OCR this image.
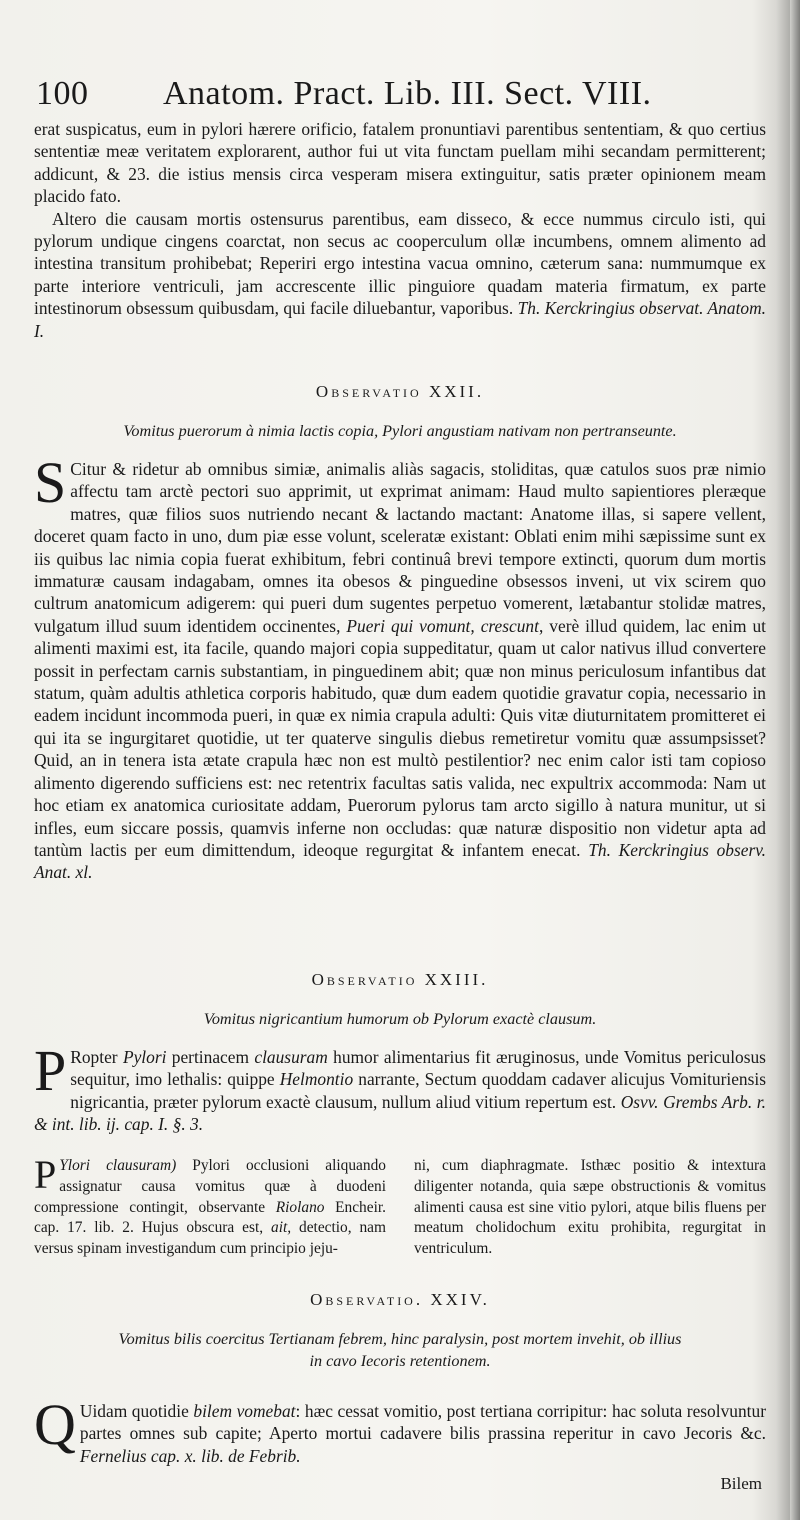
100 Anatom. Pract. Lib. III. Sect. VIII.

erat suspicatus, eum in pylori hærere orificio, fatalem pronuntiavi parentibus sententiam, & quo certius sententiæ meæ veritatem explorarent, author fui ut vita functam puellam mihi secandam permitterent; addicunt, & 23. die istius mensis circa vesperam misera extinguitur, satis præter opinionem meam placido fato.

Altero die causam mortis ostensurus parentibus, eam disseco, & ecce nummus circulo isti, qui pylorum undique cingens coarctat, non secus ac cooperculum ollæ incumbens, omnem alimento ad intestina transitum prohibebat; Reperiri ergo intestina vacua omnino, cæterum sana: nummumque ex parte interiore ventriculi, jam accrescente illic pinguiore quadam materia firmatum, ex parte intestinorum obsessum quibusdam, qui facile diluebantur, vaporibus. Th. Kerckringius observat. Anatom. I.

Observatio XXII.
Vomitus puerorum à nimia lactis copia, Pylori angustiam nativam non pertranseunte.

S Citur & ridetur ab omnibus simiæ, animalis aliàs sagacis, stoliditas, quæ catulos suos præ nimio affectu tam arctè pectori suo apprimit, ut exprimat animam: Haud multo sapientiores pleræque matres, quæ filios suos nutriendo necant & lactando mactant: Anatome illas, si sapere vellent, doceret quam facto in uno, dum piæ esse volunt, sceleratæ existant: Oblati enim mihi sæpissime sunt ex iis quibus lac nimia copia fuerat exhibitum, febri continuâ brevi tempore extincti, quorum dum mortis immaturæ causam indagabam, omnes ita obesos & pinguedine obsessos inveni, ut vix scirem quo cultrum anatomicum adigerem: qui pueri dum sugentes perpetuo vomerent, lætabantur stolidæ matres, vulgatum illud suum identidem occinentes, Pueri qui vomunt, crescunt, verè illud quidem, lac enim ut alimenti maximi est, ita facile, quando majori copia suppeditatur, quam ut calor nativus illud convertere possit in perfectam carnis substantiam, in pinguedinem abit; quæ non minus periculosum infantibus dat statum, quàm adultis athletica corporis habitudo, quæ dum eadem quotidie gravatur copia, necessario in eadem incidunt incommoda pueri, in quæ ex nimia crapula adulti: Quis vitæ diuturnitatem promitteret ei qui ita se ingurgitaret quotidie, ut ter quaterve singulis diebus remetiretur vomitu quæ assumpsisset? Quid, an in tenera ista ætate crapula hæc non est multò pestilentior? nec enim calor isti tam copioso alimento digerendo sufficiens est: nec retentrix facultas satis valida, nec expultrix accommoda: Nam ut hoc etiam ex anatomica curiositate addam, Puerorum pylorus tam arcto sigillo à natura munitur, ut si infles, eum siccare possis, quamvis inferne non occludas: quæ naturæ dispositio non videtur apta ad tantùm lactis per eum dimittendum, ideoque regurgitat & infantem enecat. Th. Kerckringius observ. Anat. xl.

Observatio XXIII.
Vomitus nigricantium humorum ob Pylorum exactè clausum.

P Ropter Pylori pertinacem clausuram humor alimentarius fit æruginosus, unde Vomitus periculosus sequitur, imo lethalis: quippe Helmontio narrante, Sectum quoddam cadaver alicujus Vomituriensis nigricantia, præter pylorum exactè clausum, nullum aliud vitium repertum est. Osvv. Grembs Arb. r. & int. lib. ij. cap. I. §. 3.

P Ylori clausuram) Pylori occlusioni aliquando assignatur causa vomitus quæ à duodeni compressione contingit, observante Riolano Encheir. cap. 17. lib. 2. Hujus obscura est, ait, detectio, nam versus spinam investigandum cum principio jeju-

ni, cum diaphragmate. Isthæc positio & intextura diligenter notanda, quia sæpe obstructionis & vomitus alimenti causa est sine vitio pylori, atque bilis fluens per meatum cholidochum exitu prohibita, regurgitat in ventriculum.

Observatio. XXIV.
Vomitus bilis coercitus Tertianam febrem, hinc paralysin, post mortem invehit, ob illius
in cavo Iecoris retentionem.

Q Uidam quotidie bilem vomebat: hæc cessat vomitio, post tertiana corripitur: hac soluta resolvuntur partes omnes sub capite; Aperto mortui cadavere bilis prassina reperitur in cavo Jecoris &c. Fernelius cap. x. lib. de Febrib.

Bilem
